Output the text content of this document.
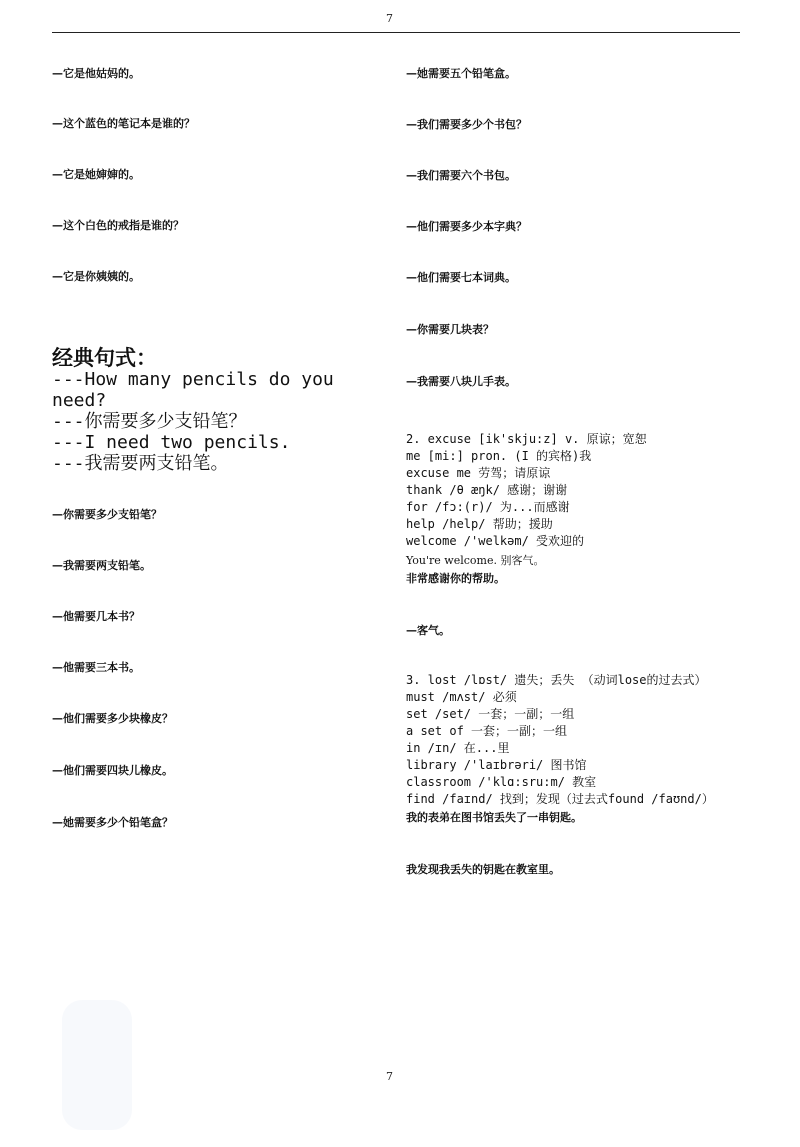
7
—它是他姑妈的。
—这个蓝色的笔记本是谁的？
—它是她婶婶的。
—这个白色的戒指是谁的？
—它是你姨姨的。
经典句式：
---How many pencils do you
need?
---你需要多少支铅笔？
---I need two pencils.
---我需要两支铅笔。
—你需要多少支铅笔？
—我需要两支铅笔。
—他需要几本书？
—他需要三本书。
—他们需要多少块橡皮？
—他们需要四块儿橡皮。
—她需要多少个铅笔盒？
—她需要五个铅笔盒。
—我们需要多少个书包？
—我们需要六个书包。
—他们需要多少本字典？
—他们需要七本词典。
—你需要几块表？
—我需要八块儿手表。
2. excuse [ik'skju:z] v. 原谅；宽恕
me [mi:] pron. (I 的宾格)我
excuse me 劳驾；请原谅
thank /θ æŋk/ 感谢；谢谢
for /fɔ:(r)/ 为...而感谢
help /help/ 帮助；援助
welcome /'welkəm/ 受欢迎的
You're welcome. 别客气。
非常感谢你的帮助。
—客气。
3. lost /lɒst/ 遗失；丢失 （动词lose的过去式）
must /mʌst/ 必须
set /set/ 一套；一副；一组
a set of 一套；一副；一组
in /ɪn/ 在...里
library /'laɪbrəri/ 图书馆
classroom /'klɑ:sru:m/ 教室
find /faɪnd/ 找到；发现（过去式found /faʊnd/）
我的表弟在图书馆丢失了一串钥匙。
我发现我丢失的钥匙在教室里。
7
